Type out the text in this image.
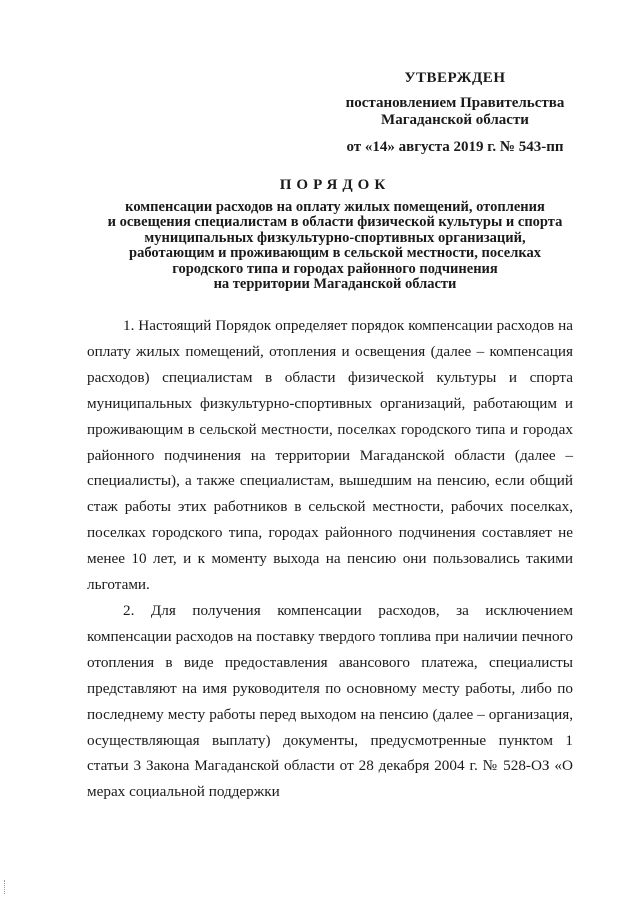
УТВЕРЖДЕН
постановлением Правительства
Магаданской области
от «14» августа 2019 г. № 543-пп
ПОРЯДОК
компенсации расходов на оплату жилых помещений, отопления
и освещения специалистам в области физической культуры и спорта
муниципальных физкультурно-спортивных организаций,
работающим и проживающим в сельской местности, поселках
городского типа и городах районного подчинения
на территории Магаданской области

1. Настоящий Порядок определяет порядок компенсации расходов на оплату жилых помещений, отопления и освещения (далее – компенсация расходов) специалистам в области физической культуры и спорта муниципальных физкультурно-спортивных организаций, работающим и проживающим в сельской местности, поселках городского типа и городах районного подчинения на территории Магаданской области (далее – специалисты), а также специалистам, вышедшим на пенсию, если общий стаж работы этих работников в сельской местности, рабочих поселках, поселках городского типа, городах районного подчинения составляет не менее 10 лет, и к моменту выхода на пенсию они пользовались такими льготами.

2. Для получения компенсации расходов, за исключением компенсации расходов на поставку твердого топлива при наличии печного отопления в виде предоставления авансового платежа, специалисты представляют на имя руководителя по основному месту работы, либо по последнему месту работы перед выходом на пенсию (далее – организация, осуществляющая выплату) документы, предусмотренные пунктом 1 статьи 3 Закона Магаданской области от 28 декабря 2004 г. № 528-ОЗ «О мерах социальной поддержки
